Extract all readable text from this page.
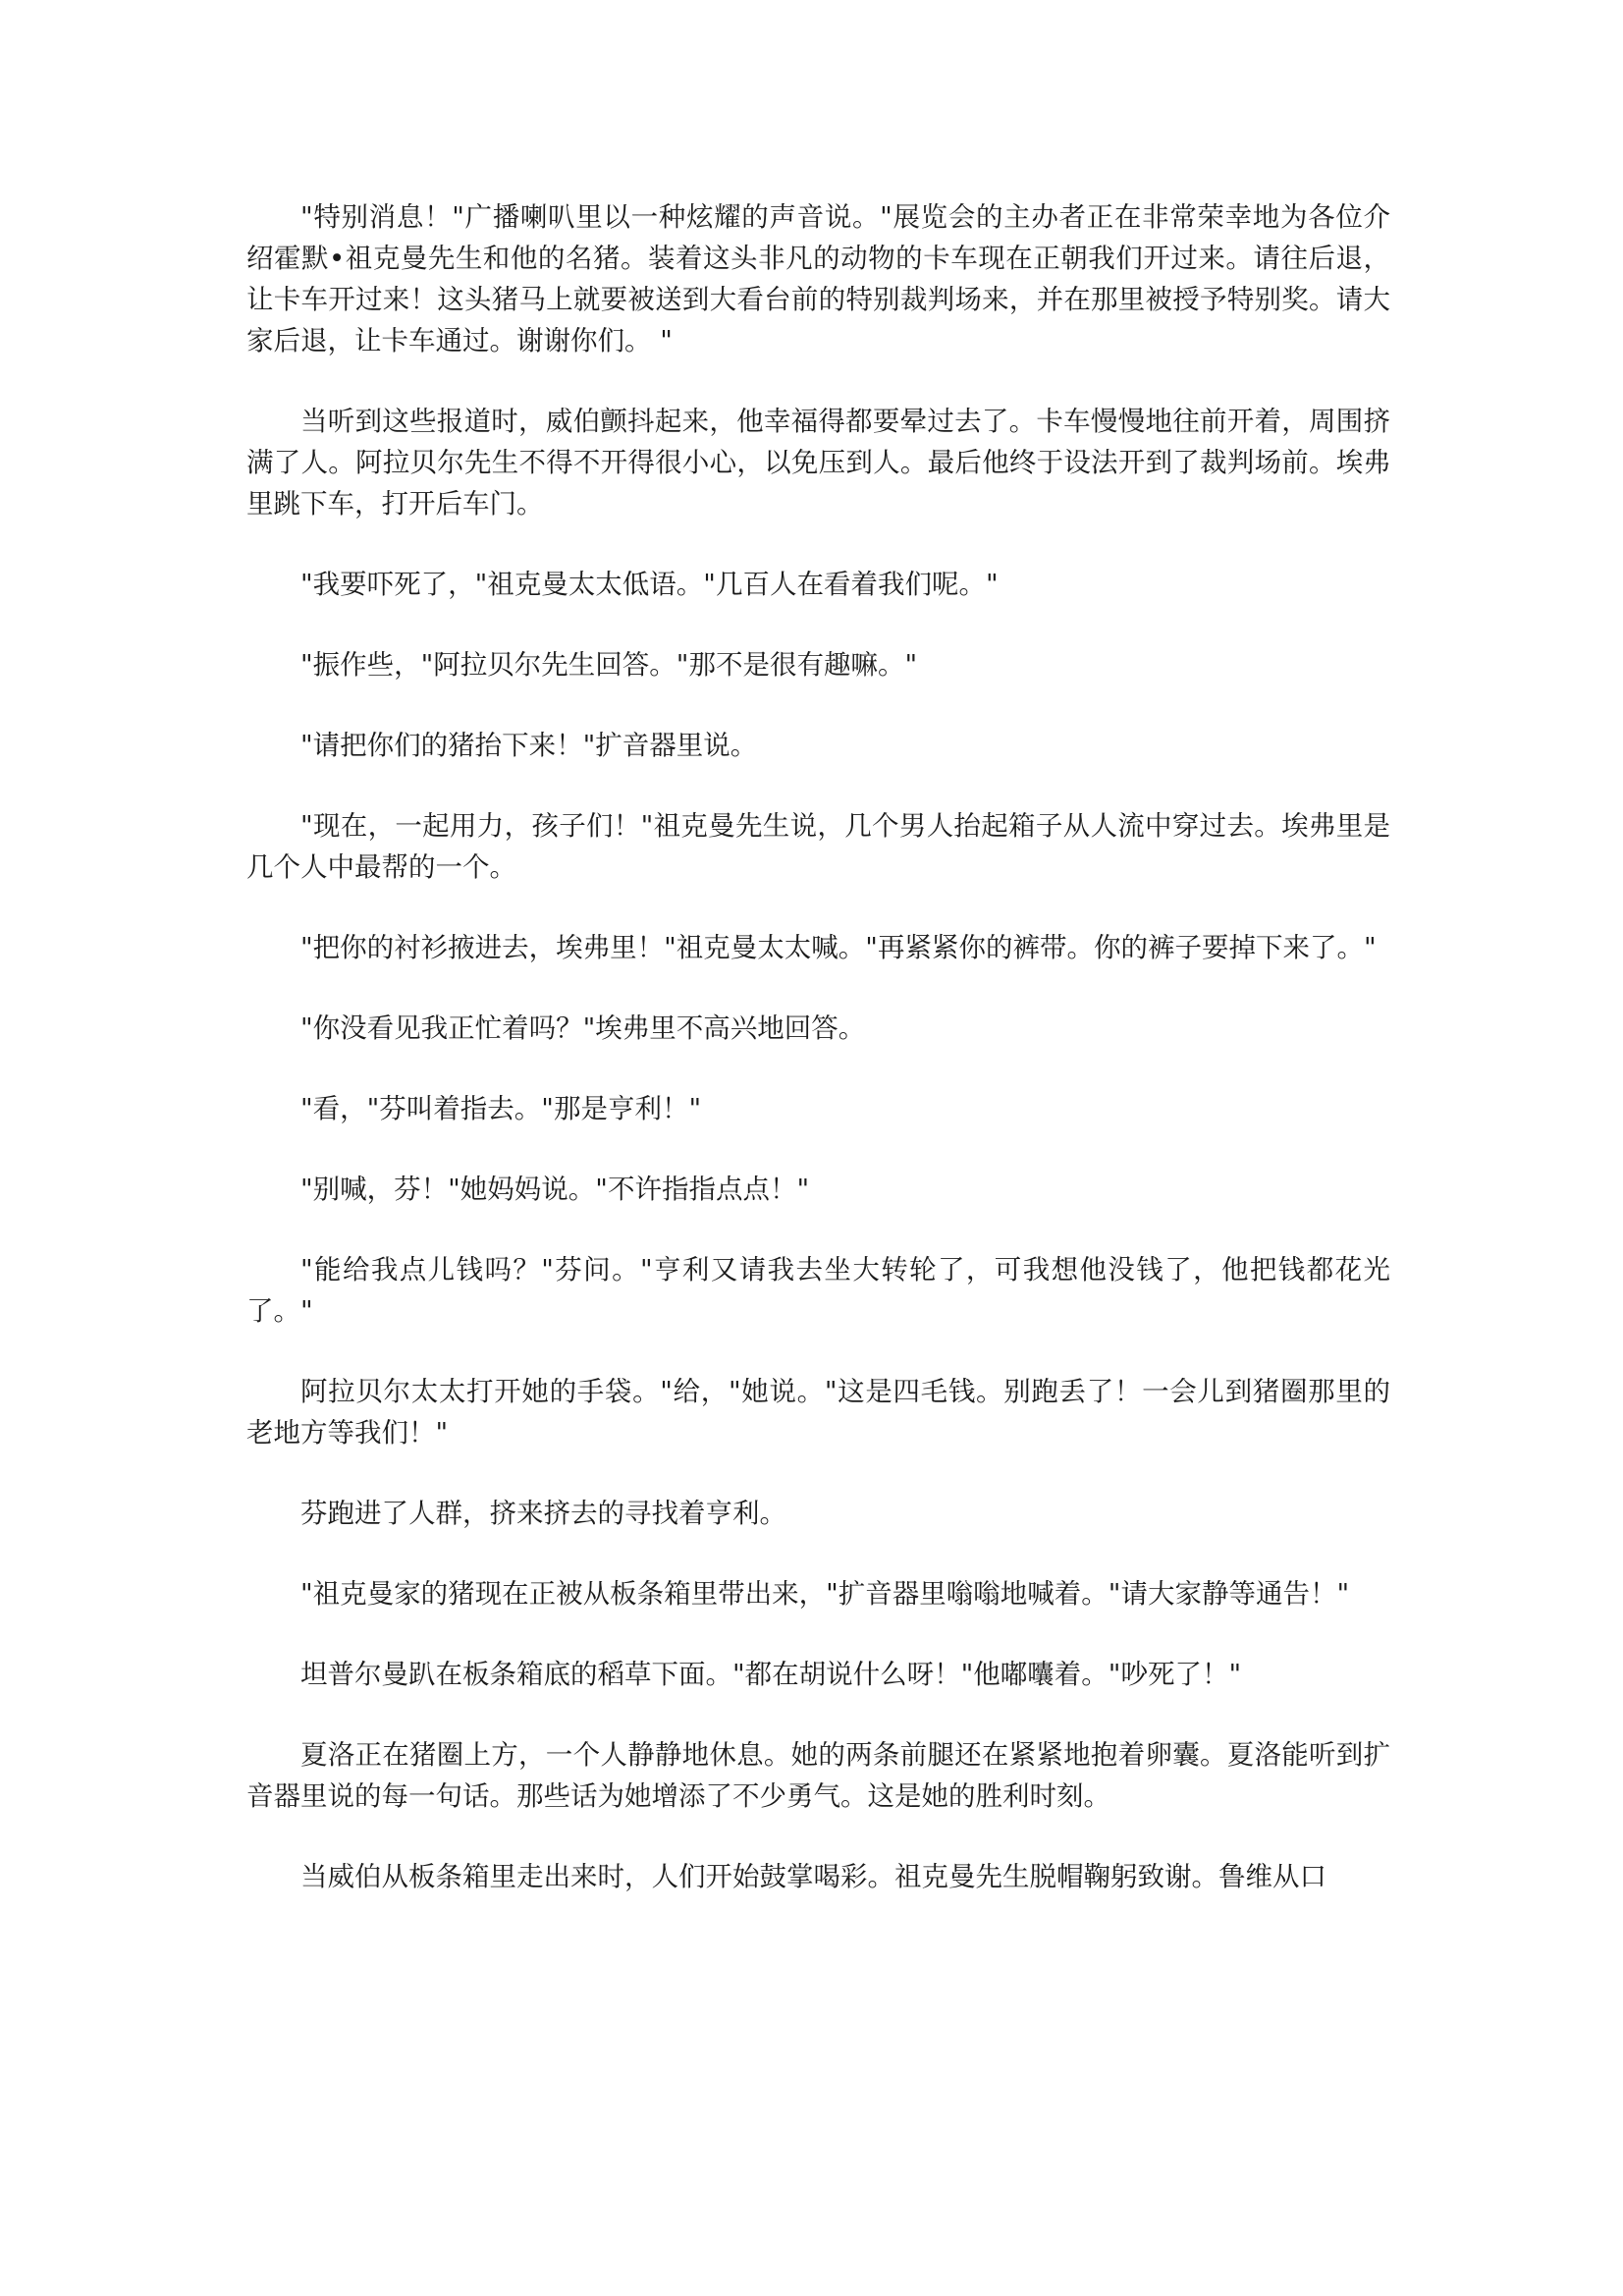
"特别消息！"广播喇叭里以一种炫耀的声音说。"展览会的主办者正在非常荣幸地为各位介绍霍默•祖克曼先生和他的名猪。装着这头非凡的动物的卡车现在正朝我们开过来。请往后退，让卡车开过来！这头猪马上就要被送到大看台前的特别裁判场来，并在那里被授予特别奖。请大家后退，让卡车通过。谢谢你们。 "

当听到这些报道时，威伯颤抖起来，他幸福得都要晕过去了。卡车慢慢地往前开着，周围挤满了人。阿拉贝尔先生不得不开得很小心，以免压到人。最后他终于设法开到了裁判场前。埃弗里跳下车，打开后车门。

"我要吓死了，"祖克曼太太低语。"几百人在看着我们呢。"

"振作些，"阿拉贝尔先生回答。"那不是很有趣嘛。"

"请把你们的猪抬下来！"扩音器里说。

"现在，一起用力，孩子们！"祖克曼先生说，几个男人抬起箱子从人流中穿过去。埃弗里是几个人中最帮的一个。

"把你的衬衫掖进去，埃弗里！"祖克曼太太喊。"再紧紧你的裤带。你的裤子要掉下来了。"

"你没看见我正忙着吗？"埃弗里不高兴地回答。

"看，"芬叫着指去。"那是亨利！"

"别喊，芬！"她妈妈说。"不许指指点点！"

"能给我点儿钱吗？"芬问。"亨利又请我去坐大转轮了，可我想他没钱了，他把钱都花光了。"

阿拉贝尔太太打开她的手袋。"给，"她说。"这是四毛钱。别跑丢了！一会儿到猪圈那里的老地方等我们！"

芬跑进了人群，挤来挤去的寻找着亨利。

"祖克曼家的猪现在正被从板条箱里带出来，"扩音器里嗡嗡地喊着。"请大家静等通告！"

坦普尔曼趴在板条箱底的稻草下面。"都在胡说什么呀！"他嘟囔着。"吵死了！"

夏洛正在猪圈上方，一个人静静地休息。她的两条前腿还在紧紧地抱着卵囊。夏洛能听到扩音器里说的每一句话。那些话为她增添了不少勇气。这是她的胜利时刻。

当威伯从板条箱里走出来时，人们开始鼓掌喝彩。祖克曼先生脱帽鞠躬致谢。鲁维从口
